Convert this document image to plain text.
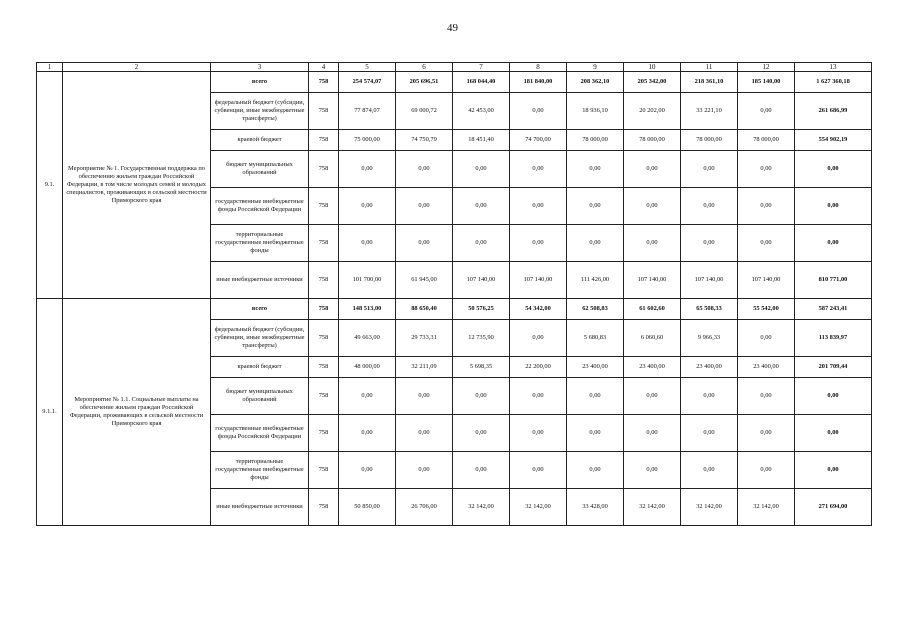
49
1	2	3	4	5	6	7	8	9	10	11	12	13
9.1.	Мероприятие № 1. Государственная поддержка по обеспечению жильем граждан Российской Федерации, в том числе молодых семей и молодых специалистов, проживающих в сельской местности Приморского края	всего	758	254 574,07	205 696,51	168 044,40	181 840,00	208 362,10	205 342,00	218 361,10	185 140,00	1 627 360,18
		федеральный бюджет (субсидии, субвенции, иные межбюджетные трансферты)	758	77 874,07	69 000,72	42 453,00	0,00	18 936,10	20 202,00	33 221,10	0,00	261 686,99
		краевой бюджет	758	75 000,00	74 750,79	18 451,40	74 700,00	78 000,00	78 000,00	78 000,00	78 000,00	554 902,19
		бюджет муниципальных образований	758	0,00	0,00	0,00	0,00	0,00	0,00	0,00	0,00	0,00
		государственные внебюджетные фонды Российской Федерации	758	0,00	0,00	0,00	0,00	0,00	0,00	0,00	0,00	0,00
		территориальные государственные внебюджетные фонды	758	0,00	0,00	0,00	0,00	0,00	0,00	0,00	0,00	0,00
		иные внебюджетные источники	758	101 700,00	61 945,00	107 140,00	107 140,00	111 426,00	107 140,00	107 140,00	107 140,00	810 771,00
9.1.1.	Мероприятие № 1.1. Социальные выплаты на обеспечение жильем граждан Российской Федерации, проживающих в сельской местности Приморского края	всего	758	148 513,00	88 650,40	50 576,25	54 342,00	62 508,83	61 602,60	65 508,33	55 542,00	587 243,41
		федеральный бюджет (субсидии, субвенции, иные межбюджетные трансферты)	758	49 663,00	29 733,31	12 735,90	0,00	5 680,83	6 060,60	9 966,33	0,00	113 839,97
		краевой бюджет	758	48 000,00	32 211,09	5 698,35	22 200,00	23 400,00	23 400,00	23 400,00	23 400,00	201 709,44
		бюджет муниципальных образований	758	0,00	0,00	0,00	0,00	0,00	0,00	0,00	0,00	0,00
		государственные внебюджетные фонды Российской Федерации	758	0,00	0,00	0,00	0,00	0,00	0,00	0,00	0,00	0,00
		территориальные государственные внебюджетные фонды	758	0,00	0,00	0,00	0,00	0,00	0,00	0,00	0,00	0,00
		иные внебюджетные источники	758	50 850,00	26 706,00	32 142,00	32 142,00	33 428,00	32 142,00	32 142,00	32 142,00	271 694,00
